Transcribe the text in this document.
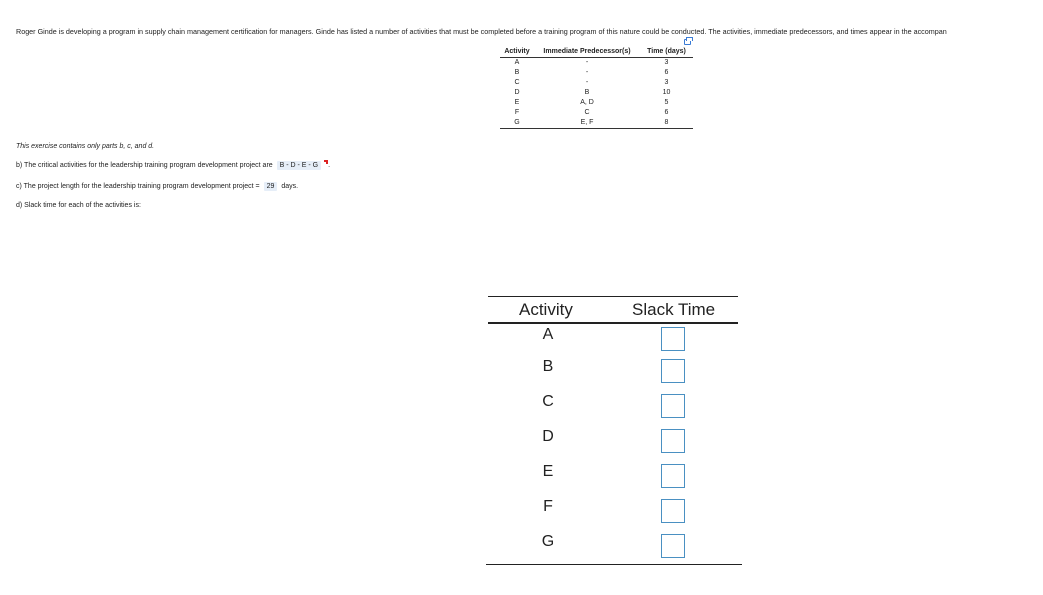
Roger Ginde is developing a program in supply chain management certification for managers. Ginde has listed a number of activities that must be completed before a training program of this nature could be conducted. The activities, immediate predecessors, and times appear in the accompan
Activity	Immediate Predecessor(s)	Time (days)
A	-	3
B	-	6
C	-	3
D	B	10
E	A, D	5
F	C	6
G	E, F	8
This exercise contains only parts b, c, and d.
b) The critical activities for the leadership training program development project are B - D - E - G .
c) The project length for the leadership training program development project = 29 days.
d) Slack time for each of the activities is:
Activity	Slack Time
A
B
C
D
E
F
G
